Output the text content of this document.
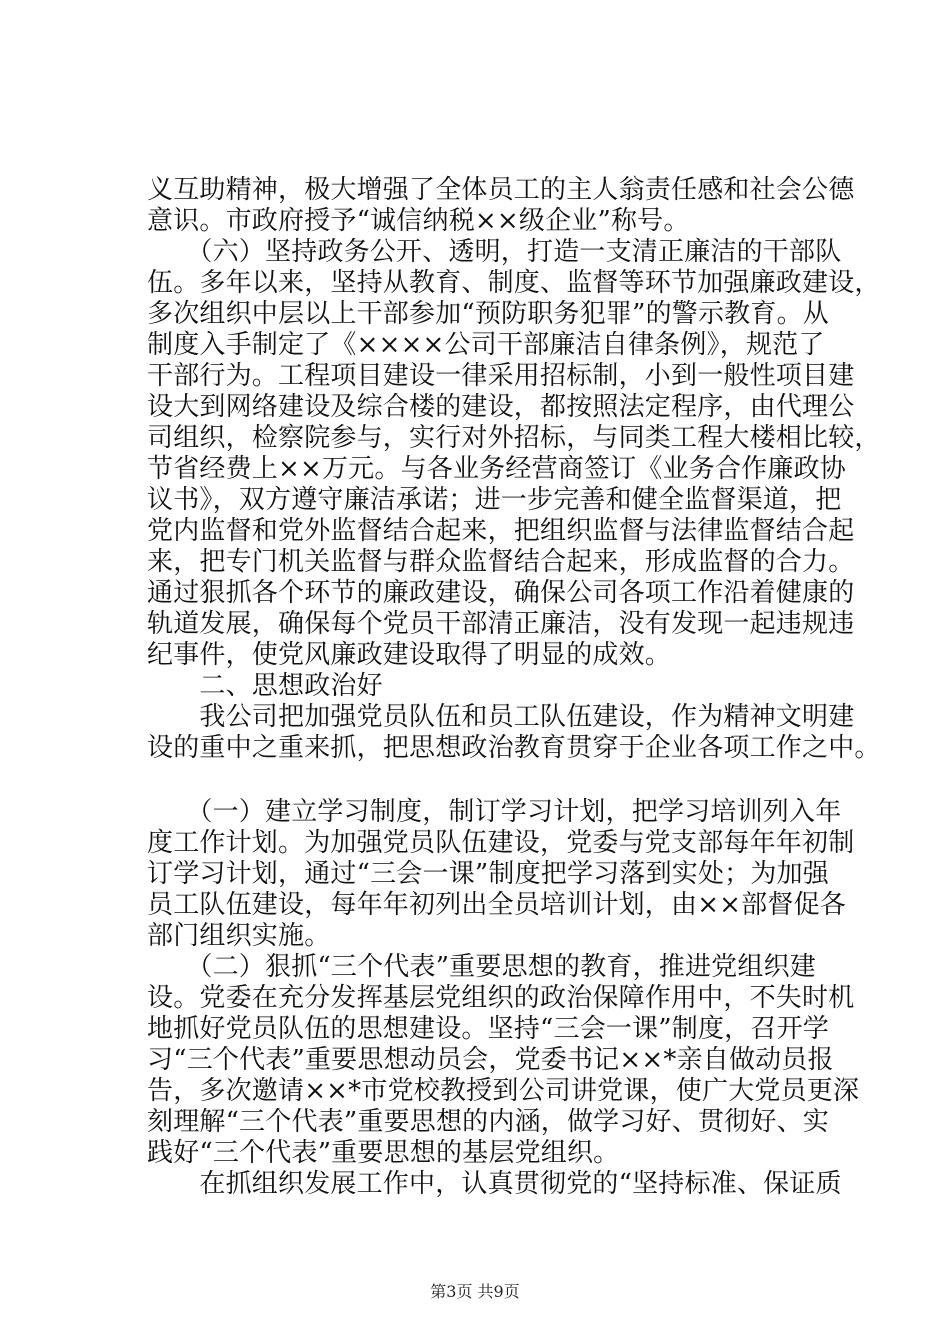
义互助精神，极大增强了全体员工的主人翁责任感和社会公德
意识。市政府授予“诚信纳税××级企业”称号。
　　（六）坚持政务公开、透明，打造一支清正廉洁的干部队
伍。多年以来，坚持从教育、制度、监督等环节加强廉政建设，
多次组织中层以上干部参加“预防职务犯罪”的警示教育。从
制度入手制定了《××××公司干部廉洁自律条例》，规范了
干部行为。工程项目建设一律采用招标制，小到一般性项目建
设大到网络建设及综合楼的建设，都按照法定程序，由代理公
司组织，检察院参与，实行对外招标，与同类工程大楼相比较，
节省经费上××万元。与各业务经营商签订《业务合作廉政协
议书》，双方遵守廉洁承诺；进一步完善和健全监督渠道，把
党内监督和党外监督结合起来，把组织监督与法律监督结合起
来，把专门机关监督与群众监督结合起来，形成监督的合力。
通过狠抓各个环节的廉政建设，确保公司各项工作沿着健康的
轨道发展，确保每个党员干部清正廉洁，没有发现一起违规违
纪事件，使党风廉政建设取得了明显的成效。
　　二、思想政治好
　　我公司把加强党员队伍和员工队伍建设，作为精神文明建
设的重中之重来抓，把思想政治教育贯穿于企业各项工作之中。
　　（一）建立学习制度，制订学习计划，把学习培训列入年
度工作计划。为加强党员队伍建设，党委与党支部每年年初制
订学习计划，通过“三会一课”制度把学习落到实处；为加强
员工队伍建设，每年年初列出全员培训计划，由××部督促各
部门组织实施。
　　（二）狠抓“三个代表”重要思想的教育，推进党组织建
设。党委在充分发挥基层党组织的政治保障作用中，不失时机
地抓好党员队伍的思想建设。坚持“三会一课”制度，召开学
习“三个代表”重要思想动员会，党委书记××*亲自做动员报
告，多次邀请××*市党校教授到公司讲党课，使广大党员更深
刻理解“三个代表”重要思想的内涵，做学习好、贯彻好、实
践好“三个代表”重要思想的基层党组织。
　　在抓组织发展工作中，认真贯彻党的“坚持标准、保证质
第3页 共9页
